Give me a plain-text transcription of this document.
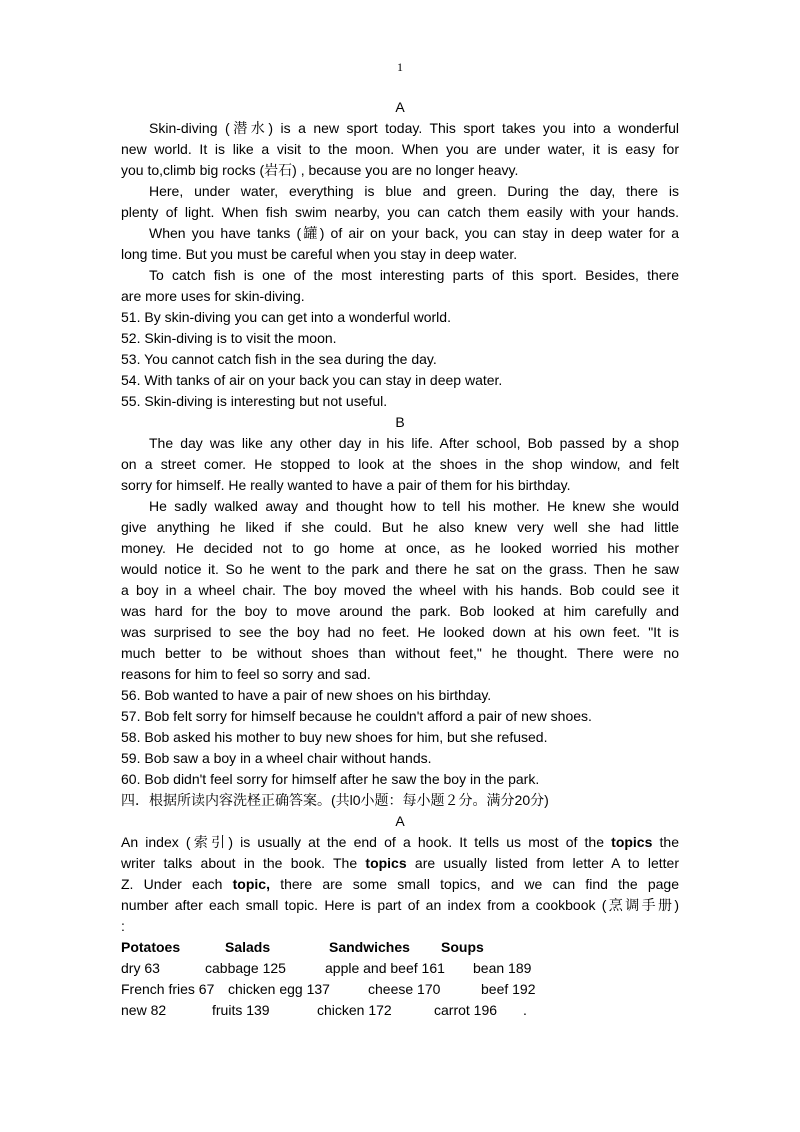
1
A
Skin-diving (潜水) is a new sport today. This sport takes you into a wonderful
new world. It is like a visit to the moon. When you are under water, it is easy for
you to,climb big rocks (岩石) , because you are no longer heavy.
Here, under water, everything is blue and green. During the day, there is
plenty of light. When fish swim nearby, you can catch them easily with your hands.
When you have tanks (罐) of air on your back, you can stay in deep water for a
long time. But you must be careful when you stay in deep water.
To catch fish is one of the most interesting parts of this sport. Besides, there
are more uses for skin-diving.
51. By skin-diving you can get into a wonderful world.
52. Skin-diving is to visit the moon.
53. You cannot catch fish in the sea during the day.
54. With tanks of air on your back you can stay in deep water.
55. Skin-diving is interesting but not useful.
B
The day was like any other day in his life. After school, Bob passed by a shop
on a street comer. He stopped to look at the shoes in the shop window, and felt
sorry for himself. He really wanted to have a pair of them for his birthday.
He sadly walked away and thought how to tell his mother. He knew she would
give anything he liked if she could. But he also knew very well she had little
money. He decided not to go home at once, as he looked worried his mother
would notice it. So he went to the park and there he sat on the grass. Then he saw
a boy in a wheel chair. The boy moved the wheel with his hands. Bob could see it
was hard for the boy to move around the park. Bob looked at him carefully and
was surprised to see the boy had no feet. He looked down at his own feet. "It is
much better to be without shoes than without feet," he thought. There were no
reasons for him to feel so sorry and sad.
56. Bob wanted to have a pair of new shoes on his birthday.
57. Bob felt sorry for himself because he couldn't afford a pair of new shoes.
58. Bob asked his mother to buy new shoes for him, but she refused.
59. Bob saw a boy in a wheel chair without hands.
60. Bob didn't feel sorry for himself after he saw the boy in the park.
四．根据所读内容洗柽正确答案。(共l0小题：每小题２分。满分20分)
A
An index (索引) is usually at the end of a hook. It tells us most of the topics the
writer talks about in the book. The topics are usually listed from letter A to letter
Z. Under each topic, there are some small topics, and we can find the page
number after each small topic. Here is part of an index from a cookbook (烹调手册)
:
Potatoes	Salads	Sandwiches Soups
dry 63	cabbage 125	apple and beef 161 bean 189
French fries 67 chicken egg 137	cheese 170	beef 192
new 82	fruits 139	chicken 172	carrot 196 .
